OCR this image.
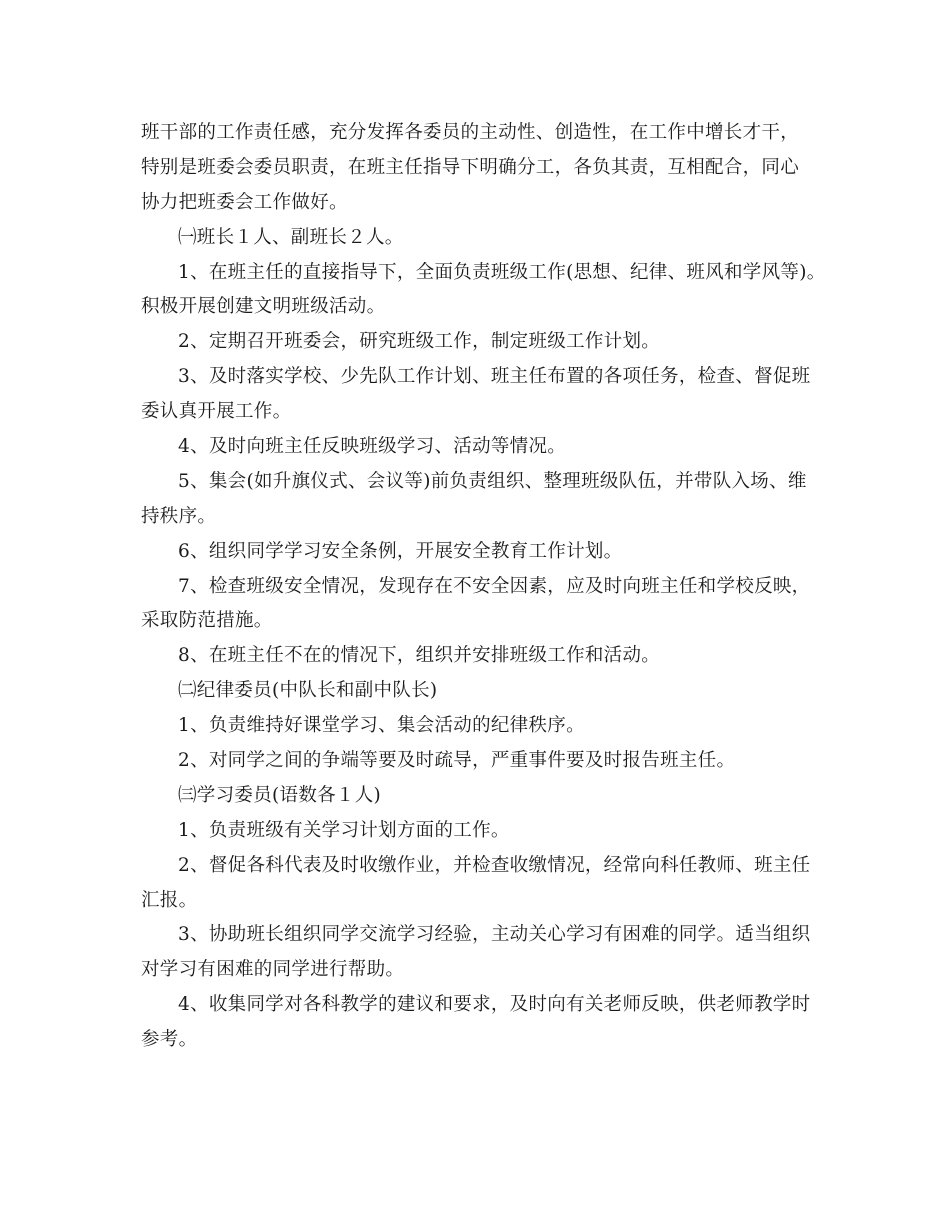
班干部的工作责任感，充分发挥各委员的主动性、创造性，在工作中增长才干，
特别是班委会委员职责，在班主任指导下明确分工，各负其责，互相配合，同心
协力把班委会工作做好。
㈠班长１人、副班长２人。
1、在班主任的直接指导下，全面负责班级工作(思想、纪律、班风和学风等)。
积极开展创建文明班级活动。
2、定期召开班委会，研究班级工作，制定班级工作计划。
3、及时落实学校、少先队工作计划、班主任布置的各项任务，检查、督促班
委认真开展工作。
4、及时向班主任反映班级学习、活动等情况。
5、集会(如升旗仪式、会议等)前负责组织、整理班级队伍，并带队入场、维
持秩序。
6、组织同学学习安全条例，开展安全教育工作计划。
7、检查班级安全情况，发现存在不安全因素，应及时向班主任和学校反映，
采取防范措施。
8、在班主任不在的情况下，组织并安排班级工作和活动。
㈡纪律委员(中队长和副中队长)
1、负责维持好课堂学习、集会活动的纪律秩序。
2、对同学之间的争端等要及时疏导，严重事件要及时报告班主任。
㈢学习委员(语数各１人)
1、负责班级有关学习计划方面的工作。
2、督促各科代表及时收缴作业，并检查收缴情况，经常向科任教师、班主任
汇报。
3、协助班长组织同学交流学习经验，主动关心学习有困难的同学。适当组织
对学习有困难的同学进行帮助。
4、收集同学对各科教学的建议和要求，及时向有关老师反映，供老师教学时
参考。
